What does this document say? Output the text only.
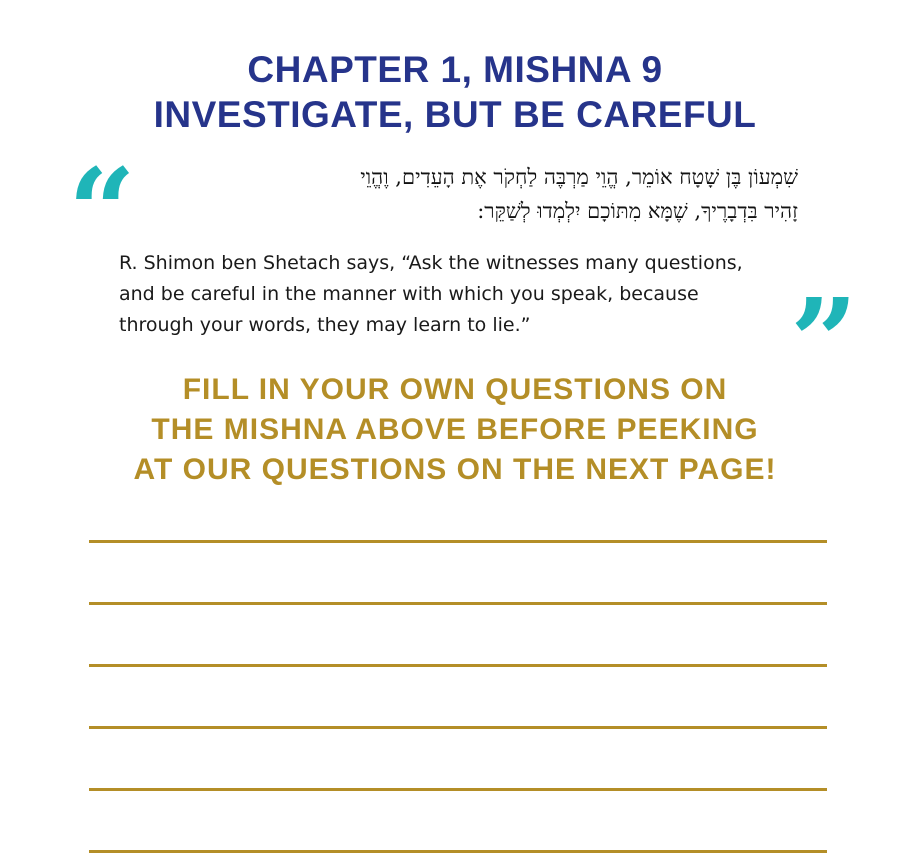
CHAPTER 1, MISHNA 9
INVESTIGATE, BUT BE CAREFUL
“	שִׁמְעוֹן בֶּן שָׁטָח אוֹמֵר, הֱוֵי מַרְבֶּה לַחְקֹר אֶת הָעֵדִים, וֶהֱוֵי
זָהִיר בִּדְבָרֶיךָ, שֶׁמָּא מִתּוֹכָם יִלְמְדוּ לְשַׁקֵּר:
R. Shimon ben Shetach says, “Ask the witnesses many questions,
and be careful in the manner with which you speak, because
through your words, they may learn to lie.”	”
FILL IN YOUR OWN QUESTIONS ON
THE MISHNA ABOVE BEFORE PEEKING
AT OUR QUESTIONS ON THE NEXT PAGE!
